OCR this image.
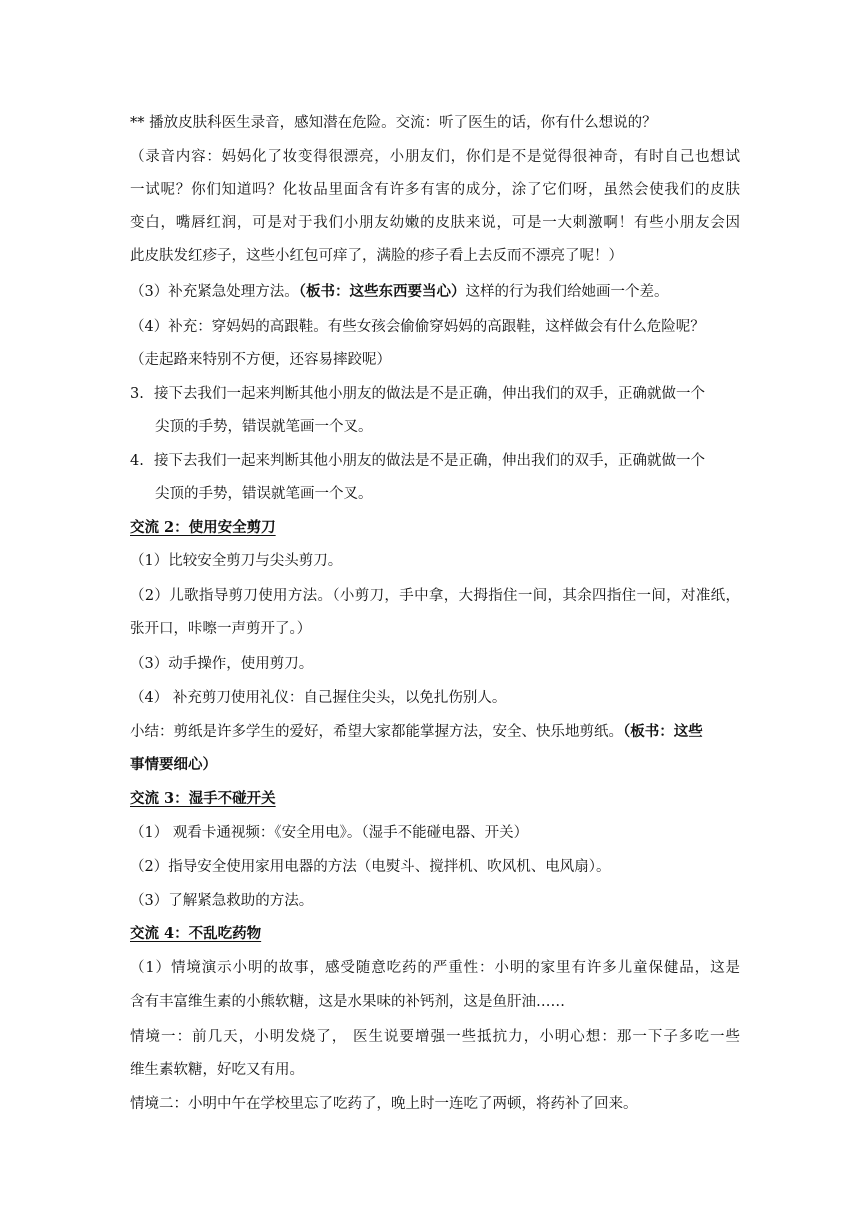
** 播放皮肤科医生录音，感知潜在危险。交流：听了医生的话，你有什么想说的？
（录音内容：妈妈化了妆变得很漂亮，小朋友们，你们是不是觉得很神奇，有时自己也想试
一试呢？你们知道吗？化妆品里面含有许多有害的成分，涂了它们呀，虽然会使我们的皮肤
变白，嘴唇红润，可是对于我们小朋友幼嫩的皮肤来说，可是一大刺激啊！有些小朋友会因
此皮肤发红疹子，这些小红包可痒了，满脸的疹子看上去反而不漂亮了呢！）
（3）补充紧急处理方法。（板书：这些东西要当心）这样的行为我们给她画一个差。
（4）补充：穿妈妈的高跟鞋。有些女孩会偷偷穿妈妈的高跟鞋，这样做会有什么危险呢？
（走起路来特别不方便，还容易摔跤呢）
3. 接下去我们一起来判断其他小朋友的做法是不是正确，伸出我们的双手，正确就做一个
尖顶的手势，错误就笔画一个叉。
4. 接下去我们一起来判断其他小朋友的做法是不是正确，伸出我们的双手，正确就做一个
尖顶的手势，错误就笔画一个叉。
交流 2：使用安全剪刀
（1）比较安全剪刀与尖头剪刀。
（2）儿歌指导剪刀使用方法。（小剪刀，手中拿，大拇指住一间，其余四指住一间，对准纸，
张开口，咔嚓一声剪开了。）
（3）动手操作，使用剪刀。
（4） 补充剪刀使用礼仪：自己握住尖头，以免扎伤别人。
小结：剪纸是许多学生的爱好，希望大家都能掌握方法，安全、快乐地剪纸。（板书：这些
事情要细心）
交流 3：湿手不碰开关
（1） 观看卡通视频：《安全用电》。（湿手不能碰电器、开关）
（2）指导安全使用家用电器的方法（电熨斗、搅拌机、吹风机、电风扇）。
（3）了解紧急救助的方法。
交流 4：不乱吃药物
（1）情境演示小明的故事，感受随意吃药的严重性：小明的家里有许多儿童保健品，这是
含有丰富维生素的小熊软糖，这是水果味的补钙剂，这是鱼肝油……
情境一：前几天，小明发烧了， 医生说要增强一些抵抗力，小明心想：那一下子多吃一些
维生素软糖，好吃又有用。
情境二：小明中午在学校里忘了吃药了，晚上时一连吃了两顿，将药补了回来。
